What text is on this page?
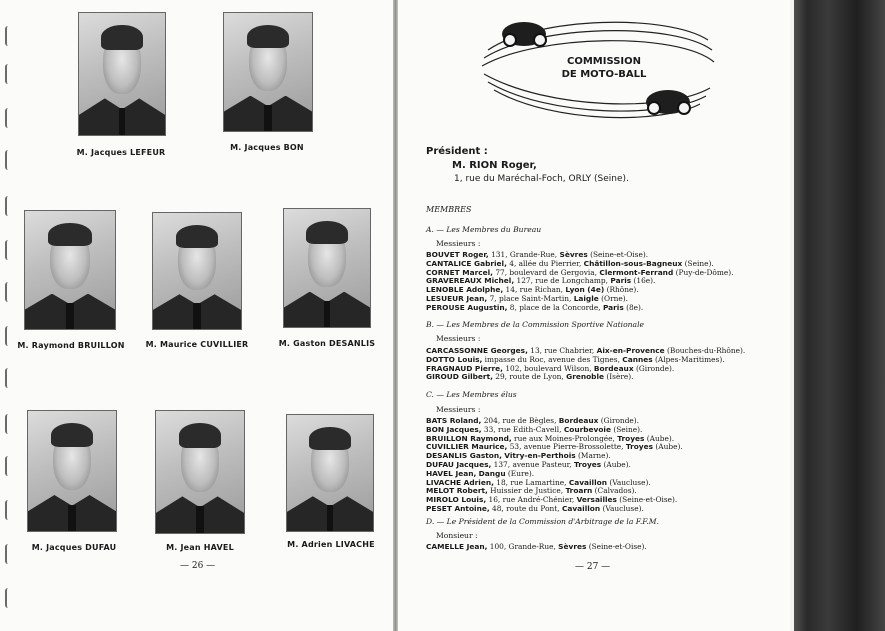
M. Jacques LEFEUR
M. Jacques BON
M. Raymond BRUILLON	M. Maurice CUVILLIER	M. Gaston DESANLIS
M. Jacques DUFAU	M. Jean HAVEL	M. Adrien LIVACHE
— 26 —
COMMISSION
DE MOTO-BALL
Président :
M. RION Roger,
1, rue du Maréchal-Foch, ORLY (Seine).
MEMBRES
A. — Les Membres du Bureau
Messieurs :
BOUVET Roger, 131, Grande-Rue, Sèvres (Seine-et-Oise).
CANTALICE Gabriel, 4, allée du Pierrier, Châtillon-sous-Bagneux (Seine).
CORNET Marcel, 77, boulevard de Gergovia, Clermont-Ferrand (Puy-de-Dôme).
GRAVEREAUX Michel, 127, rue de Longchamp, Paris (16e).
LENOBLE Adolphe, 14, rue Richan, Lyon (4e) (Rhône).
LESUEUR Jean, 7, place Saint-Martin, Laigle (Orne).
PEROUSE Augustin, 8, place de la Concorde, Paris (8e).
B. — Les Membres de la Commission Sportive Nationale
Messieurs :
CARCASSONNE Georges, 13, rue Chabrier, Aix-en-Provence (Bouches-du-Rhône).
DOTTO Louis, impasse du Roc, avenue des Tignes, Cannes (Alpes-Maritimes).
FRAGNAUD Pierre, 102, boulevard Wilson, Bordeaux (Gironde).
GIROUD Gilbert, 29, route de Lyon, Grenoble (Isère).
C. — Les Membres élus
Messieurs :
BATS Roland, 204, rue de Bègles, Bordeaux (Gironde).
BON Jacques, 33, rue Edith-Cavell, Courbevoie (Seine).
BRUILLON Raymond, rue aux Moines-Prolongée, Troyes (Aube).
CUVILLIER Maurice, 53, avenue Pierre-Brossolette, Troyes (Aube).
DESANLIS Gaston, Vitry-en-Perthois (Marne).
DUFAU Jacques, 137, avenue Pasteur, Troyes (Aube).
HAVEL Jean, Dangu (Eure).
LIVACHE Adrien, 18, rue Lamartine, Cavaillon (Vaucluse).
MELOT Robert, Huissier de Justice, Troarn (Calvados).
MIROLO Louis, 16, rue André-Chénier, Versailles (Seine-et-Oise).
PESET Antoine, 48, route du Pont, Cavaillon (Vaucluse).
D. — Le Président de la Commission d'Arbitrage de la F.F.M.
Monsieur :
CAMELLE Jean, 100, Grande-Rue, Sèvres (Seine-et-Oise).
— 27 —
